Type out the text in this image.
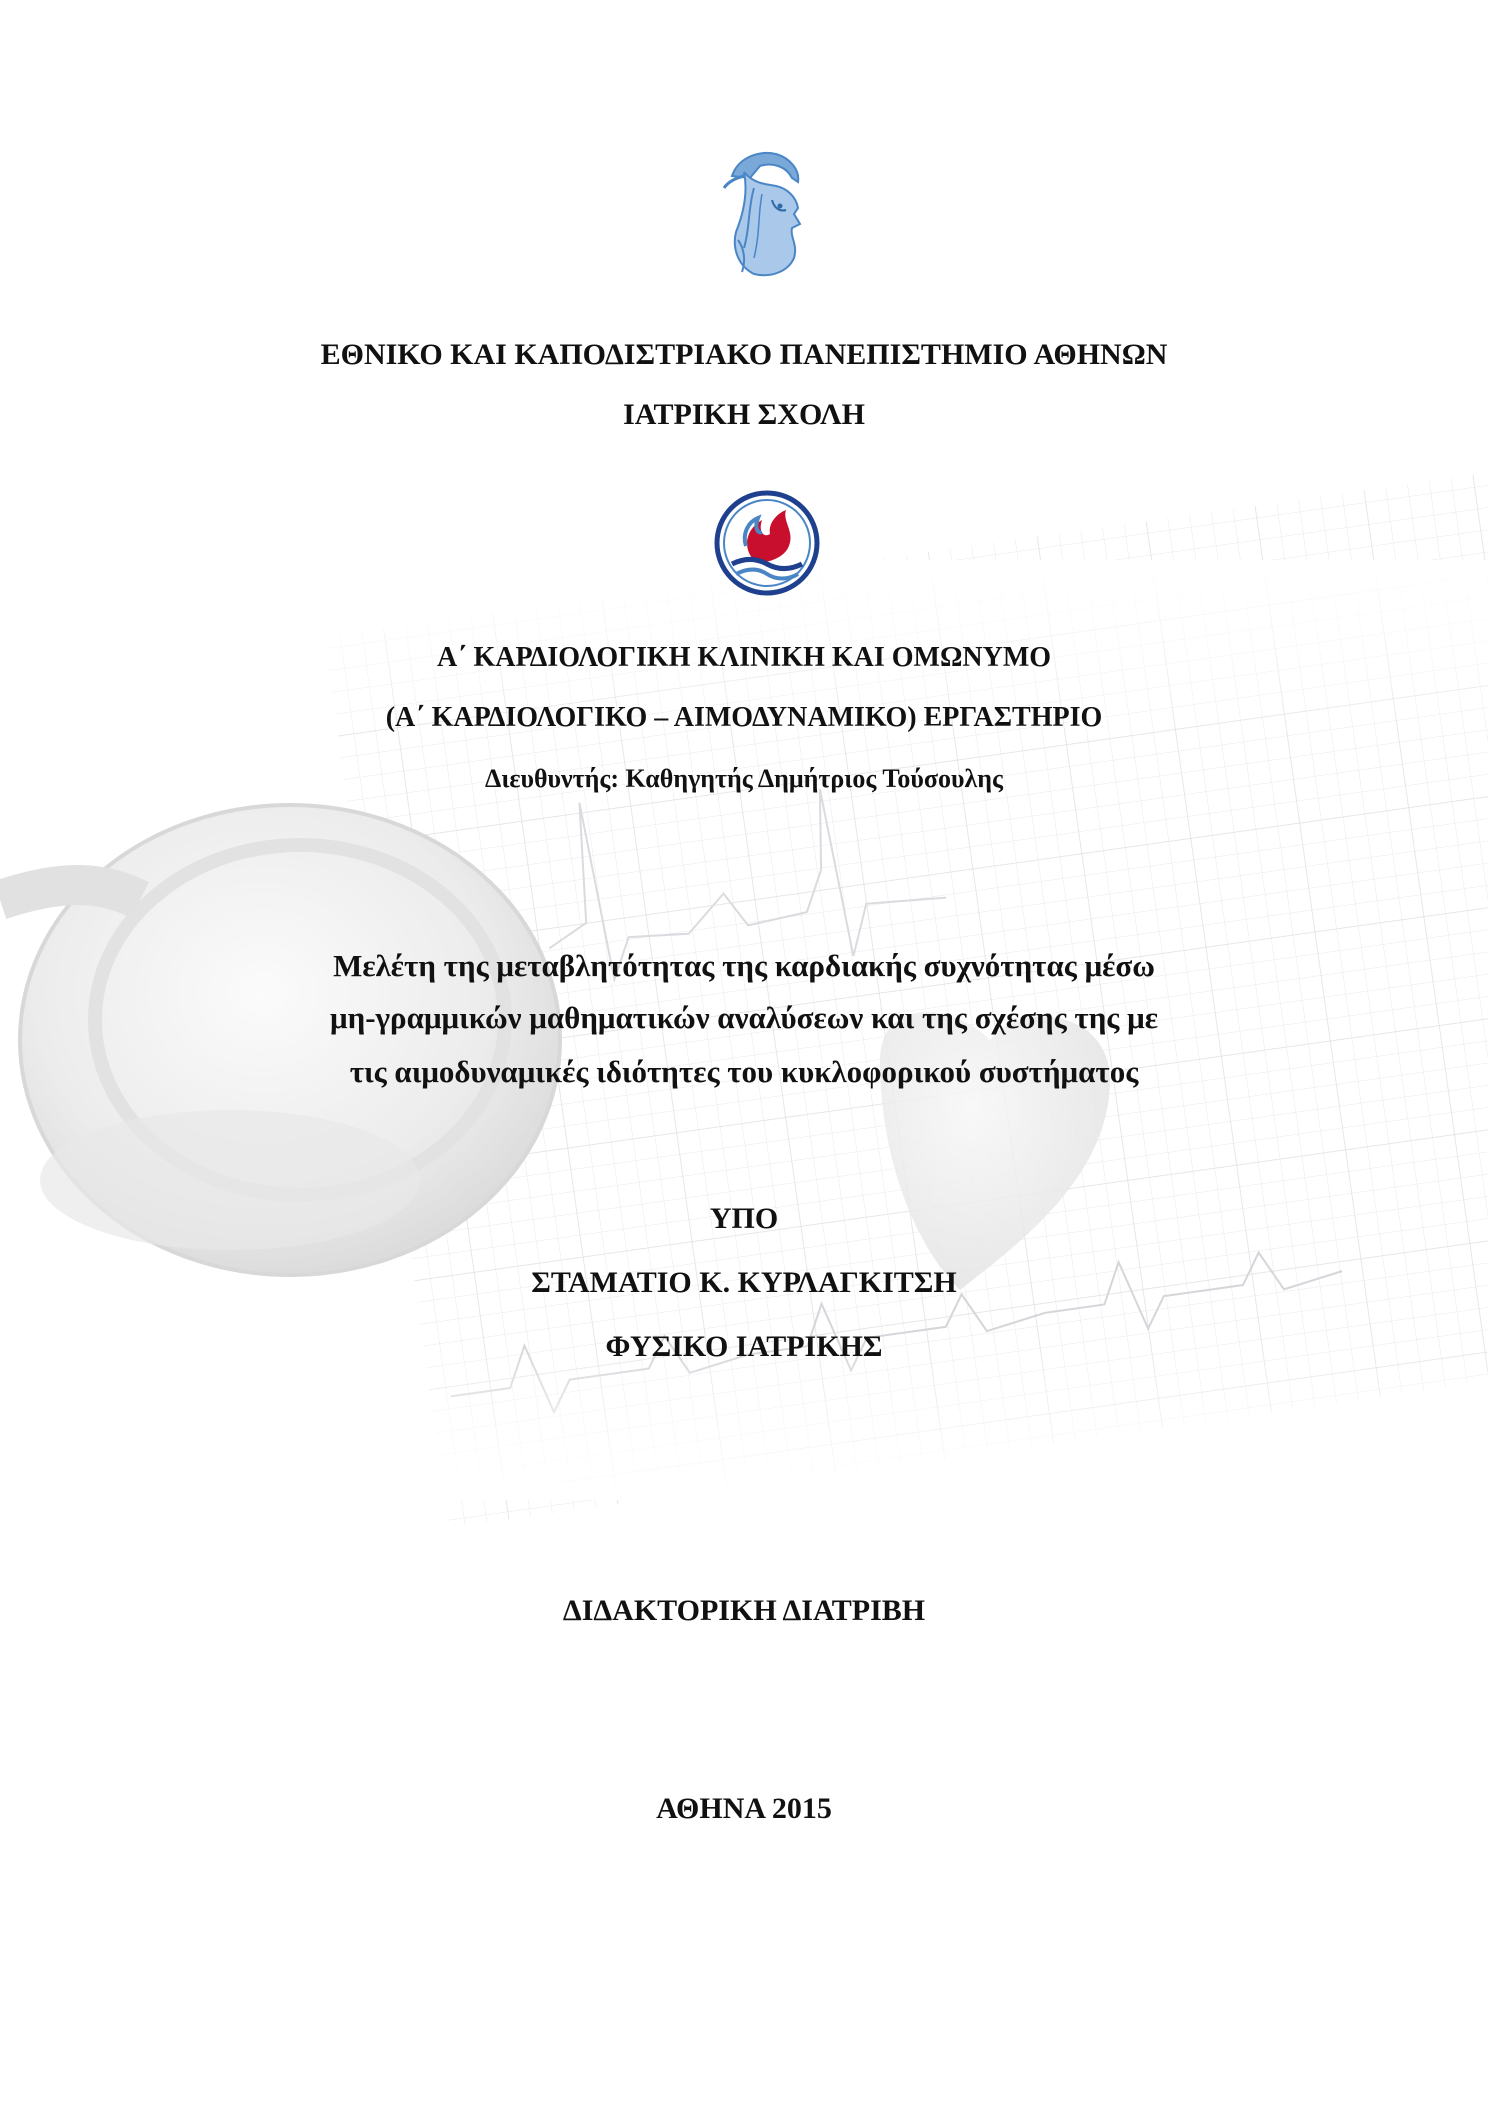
ΕΘΝΙΚΟ ΚΑΙ ΚΑΠΟΔΙΣΤΡΙΑΚΟ ΠΑΝΕΠΙΣΤΗΜΙΟ ΑΘΗΝΩΝ
ΙΑΤΡΙΚΗ ΣΧΟΛΗ
Α΄ ΚΑΡΔΙΟΛΟΓΙΚΗ ΚΛΙΝΙΚΗ ΚΑΙ ΟΜΩΝΥΜΟ
(Α΄ ΚΑΡΔΙΟΛΟΓΙΚΟ – ΑΙΜΟΔΥΝΑΜΙΚΟ) ΕΡΓΑΣΤΗΡΙΟ
Διευθυντής: Καθηγητής Δημήτριος Τούσουλης
Μελέτη της μεταβλητότητας της καρδιακής συχνότητας μέσω
μη-γραμμικών μαθηματικών αναλύσεων και της σχέσης της με
τις αιμοδυναμικές ιδιότητες του κυκλοφορικού συστήματος
ΥΠΟ
ΣΤΑΜΑΤΙΟ Κ. ΚΥΡΛΑΓΚΙΤΣΗ
ΦΥΣΙΚΟ ΙΑΤΡΙΚΗΣ
ΔΙΔΑΚΤΟΡΙΚΗ ΔΙΑΤΡΙΒΗ
ΑΘΗΝΑ 2015
